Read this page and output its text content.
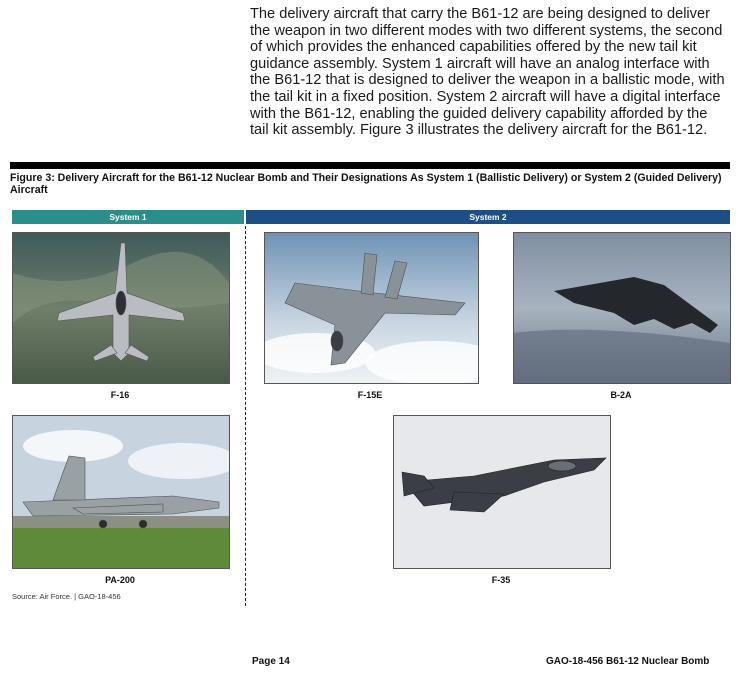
The delivery aircraft that carry the B61-12 are being designed to deliver the weapon in two different modes with two different systems, the second of which provides the enhanced capabilities offered by the new tail kit guidance assembly. System 1 aircraft will have an analog interface with the B61-12 that is designed to deliver the weapon in a ballistic mode, with the tail kit in a fixed position. System 2 aircraft will have a digital interface with the B61-12, enabling the guided delivery capability afforded by the tail kit assembly. Figure 3 illustrates the delivery aircraft for the B61-12.

Figure 3: Delivery Aircraft for the B61-12 Nuclear Bomb and Their Designations As System 1 (Ballistic Delivery) or System 2 (Guided Delivery) Aircraft

System 1	System 2
F-16	F-15E	B-2A
PA-200	F-35
Source: Air Force. | GAO-18-456
Page 14	GAO-18-456 B61-12 Nuclear Bomb
